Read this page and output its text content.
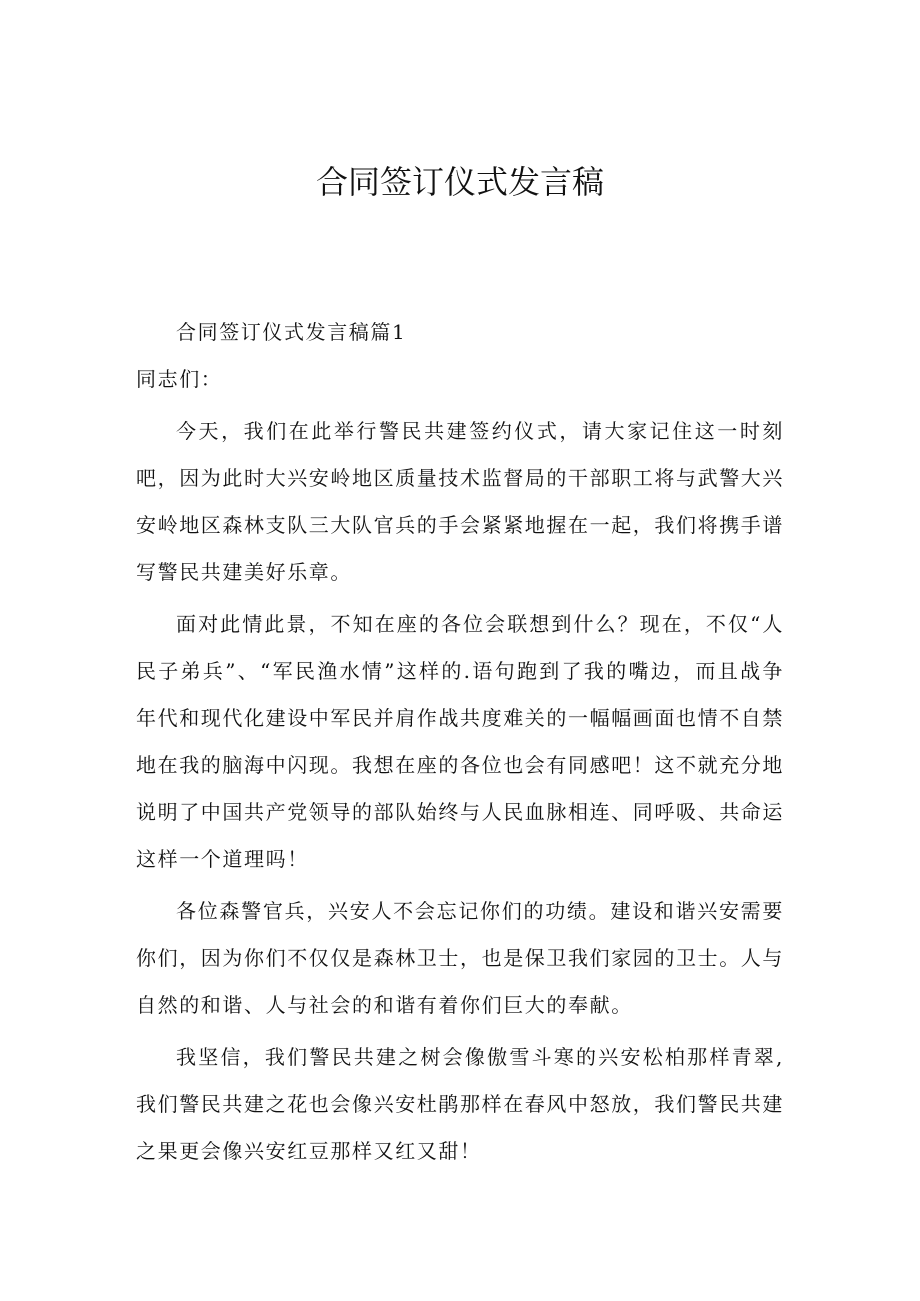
合同签订仪式发言稿

合同签订仪式发言稿篇1

同志们：

今天，我们在此举行警民共建签约仪式，请大家记住这一时刻吧，因为此时大兴安岭地区质量技术监督局的干部职工将与武警大兴安岭地区森林支队三大队官兵的手会紧紧地握在一起，我们将携手谱写警民共建美好乐章。

面对此情此景，不知在座的各位会联想到什么？现在，不仅“人民子弟兵”、“军民渔水情”这样的.语句跑到了我的嘴边，而且战争年代和现代化建设中军民并肩作战共度难关的一幅幅画面也情不自禁地在我的脑海中闪现。我想在座的各位也会有同感吧！这不就充分地说明了中国共产党领导的部队始终与人民血脉相连、同呼吸、共命运这样一个道理吗！

各位森警官兵，兴安人不会忘记你们的功绩。建设和谐兴安需要你们，因为你们不仅仅是森林卫士，也是保卫我们家园的卫士。人与自然的和谐、人与社会的和谐有着你们巨大的奉献。

我坚信，我们警民共建之树会像傲雪斗寒的兴安松柏那样青翠,我们警民共建之花也会像兴安杜鹃那样在春风中怒放，我们警民共建之果更会像兴安红豆那样又红又甜！
